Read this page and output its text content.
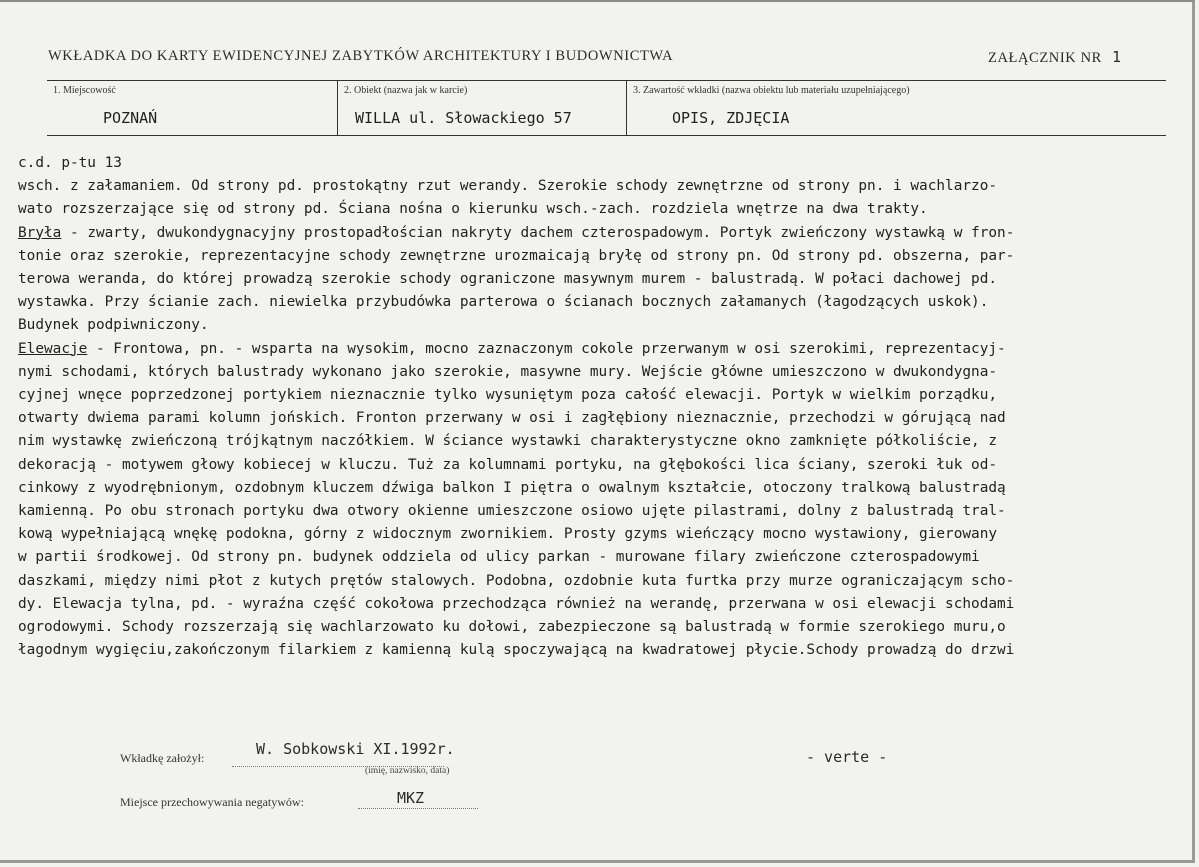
WKŁADKA DO KARTY EWIDENCYJNEJ ZABYTKÓW ARCHITEKTURY I BUDOWNICTWA	ZAŁĄCZNIK NR 1
1. Miejscowość
POZNAŃ
2. Obiekt (nazwa jak w karcie)
WILLA ul. Słowackiego 57
3. Zawartość wkładki (nazwa obiektu lub materiału uzupełniającego)
OPIS, ZDJĘCIA
c.d. p-tu 13
wsch. z załamaniem. Od strony pd. prostokątny rzut werandy. Szerokie schody zewnętrzne od strony pn. i wachlarzo-
wato rozszerzające się od strony pd. Ściana nośna o kierunku wsch.-zach. rozdziela wnętrze na dwa trakty.
Bryła - zwarty, dwukondygnacyjny prostopadłościan nakryty dachem czterospadowym. Portyk zwieńczony wystawką w fron-
tonie oraz szerokie, reprezentacyjne schody zewnętrzne urozmaicają bryłę od strony pn. Od strony pd. obszerna, par-
terowa weranda, do której prowadzą szerokie schody ograniczone masywnym murem - balustradą. W połaci dachowej pd.
wystawka. Przy ścianie zach. niewielka przybudówka parterowa o ścianach bocznych załamanych (łagodzących uskok).
Budynek podpiwniczony.
Elewacje - Frontowa, pn. - wsparta na wysokim, mocno zaznaczonym cokole przerwanym w osi szerokimi, reprezentacyj-
nymi schodami, których balustrady wykonano jako szerokie, masywne mury. Wejście główne umieszczono w dwukondygna-
cyjnej wnęce poprzedzonej portykiem nieznacznie tylko wysuniętym poza całość elewacji. Portyk w wielkim porządku,
otwarty dwiema parami kolumn jońskich. Fronton przerwany w osi i zagłębiony nieznacznie, przechodzi w górującą nad
nim wystawkę zwieńczoną trójkątnym naczółkiem. W ściance wystawki charakterystyczne okno zamknięte półkoliście, z
dekoracją - motywem głowy kobiecej w kluczu. Tuż za kolumnami portyku, na głębokości lica ściany, szeroki łuk od-
cinkowy z wyodrębnionym, ozdobnym kluczem dźwiga balkon I piętra o owalnym kształcie, otoczony tralkową balustradą
kamienną. Po obu stronach portyku dwa otwory okienne umieszczone osiowo ujęte pilastrami, dolny z balustradą tral-
kową wypełniającą wnękę podokna, górny z widocznym zwornikiem. Prosty gzyms wieńczący mocno wystawiony, gierowany
w partii środkowej. Od strony pn. budynek oddziela od ulicy parkan - murowane filary zwieńczone czterospadowymi
daszkami, między nimi płot z kutych prętów stalowych. Podobna, ozdobnie kuta furtka przy murze ograniczającym scho-
dy. Elewacja tylna, pd. - wyraźna część cokołowa przechodząca również na werandę, przerwana w osi elewacji schodami
ogrodowymi. Schody rozszerzają się wachlarzowato ku dołowi, zabezpieczone są balustradą w formie szerokiego muru,o
łagodnym wygięciu,zakończonym filarkiem z kamienną kulą spoczywającą na kwadratowej płycie.Schody prowadzą do drzwi
Wkładkę założył:	W. Sobkowski XI.1992r.
(imię, nazwisko, data)
- verte -
Miejsce przechowywania negatywów:	MKZ
